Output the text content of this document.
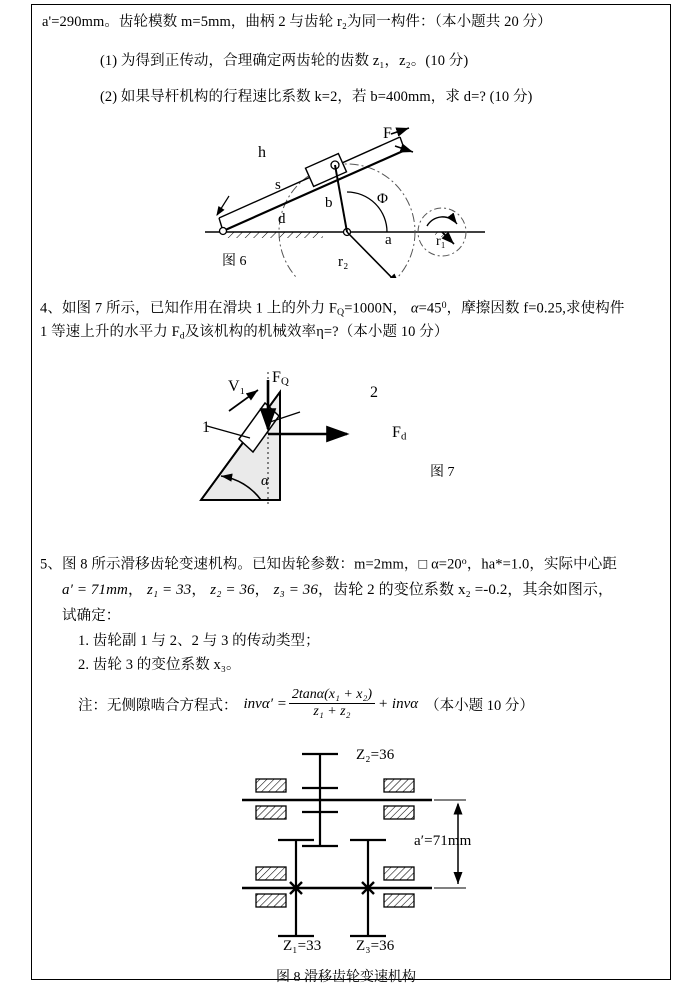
a'=290mm。齿轮模数 m=5mm，曲柄 2 与齿轮 r₂为同一构件：（本小题共 20 分）
(1) 为得到正传动，合理确定两齿轮的齿数 z₁，z₂。(10 分)
(2) 如果导杆机构的行程速比系数 k=2，若 b=400mm，求 d=? (10 分)
h
F
s
b
d
Φ
a	r₁
r₂
图 6
4、如图 7 所示，已知作用在滑块 1 上的外力 $F_Q=1000N$， $\alpha=45^0$，摩擦因数 f=0.25,求使构件
1 等速上升的水平力 $F_d$及该机构的机械效率η=?（本小题 10 分）
V₁
$F_Q$
$F_d$
1
2
α
图 7
5、图 8 所示滑移齿轮变速机构。已知齿轮参数：m=2mm，□ $\alpha=20^o$，ha*=1.0，实际中心距
a′ = 71mm， z₁ = 33， z₂ = 36， z₃ = 36，齿轮 2 的变位系数 x₂ =-0.2，其余如图示，
试确定：
1. 齿轮副 1 与 2、2 与 3 的传动类型；
2. 齿轮 3 的变位系数 x₃。
注：无侧隙啮合方程式： $inv\alpha' = \frac{\text{2tanα(x₁ + x₂)}}{\text{z₁ + z₂}} + inv\alpha$ （本小题 10 分）
Z₂=36
a′=71mm
Z₁=33 Z₃=36
图 8 滑移齿轮变速机构
